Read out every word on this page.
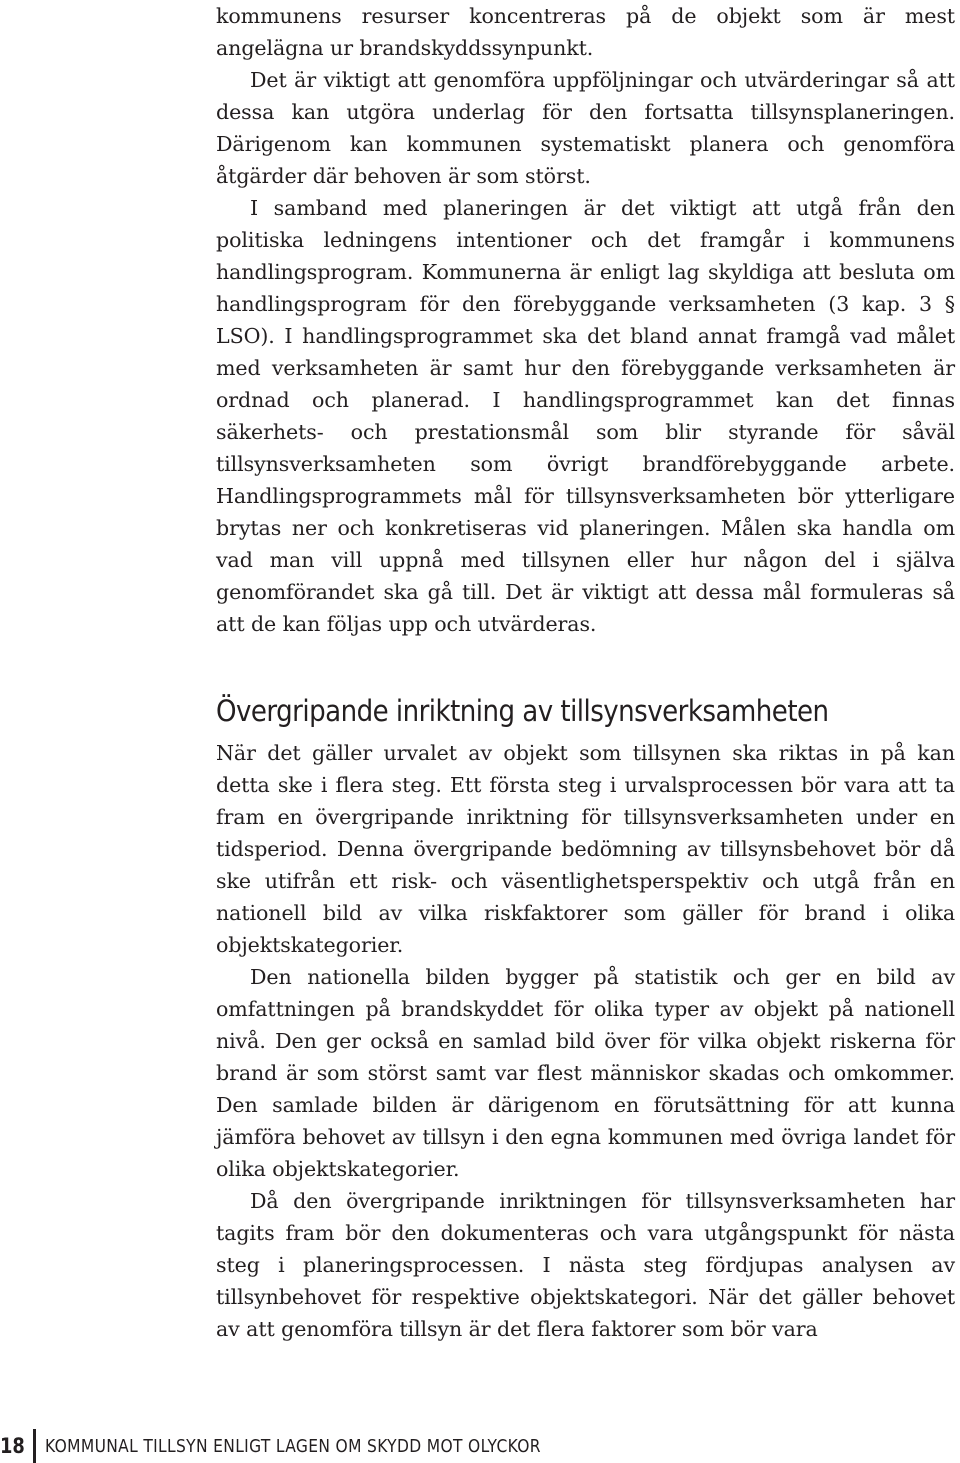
kommunens resurser koncentreras på de objekt som är mest angelägna ur brandskyddssynpunkt.

Det är viktigt att genomföra uppföljningar och utvärderingar så att dessa kan utgöra underlag för den fortsatta tillsynsplaneringen. Därigenom kan kommunen systematiskt planera och genomföra åtgärder där behoven är som störst.

I samband med planeringen är det viktigt att utgå från den politiska ledningens intentioner och det framgår i kommunens handlingsprogram. Kommunerna är enligt lag skyldiga att besluta om handlingsprogram för den förebyggande verksamheten (3 kap. 3 § LSO). I handlingsprogrammet ska det bland annat framgå vad målet med verksamheten är samt hur den förebyggande verksamheten är ordnad och planerad. I handlingsprogrammet kan det finnas säkerhets- och prestationsmål som blir styrande för såväl tillsynsverksamheten som övrigt brandförebyggande arbete. Handlingsprogrammets mål för tillsynsverksamheten bör ytterligare brytas ner och konkretiseras vid planeringen. Målen ska handla om vad man vill uppnå med tillsynen eller hur någon del i själva genomförandet ska gå till. Det är viktigt att dessa mål formuleras så att de kan följas upp och utvärderas.

Övergripande inriktning av tillsynsverksamheten

När det gäller urvalet av objekt som tillsynen ska riktas in på kan detta ske i flera steg. Ett första steg i urvalsprocessen bör vara att ta fram en övergripande inriktning för tillsynsverksamheten under en tidsperiod. Denna övergripande bedömning av tillsynsbehovet bör då ske utifrån ett risk- och väsentlighetsperspektiv och utgå från en nationell bild av vilka riskfaktorer som gäller för brand i olika objektskategorier.

Den nationella bilden bygger på statistik och ger en bild av omfattningen på brandskyddet för olika typer av objekt på nationell nivå. Den ger också en samlad bild över för vilka objekt riskerna för brand är som störst samt var flest människor skadas och omkommer. Den samlade bilden är därigenom en förutsättning för att kunna jämföra behovet av tillsyn i den egna kommunen med övriga landet för olika objektskategorier.

Då den övergripande inriktningen för tillsynsverksamheten har tagits fram bör den dokumenteras och vara utgångspunkt för nästa steg i planeringsprocessen. I nästa steg fördjupas analysen av tillsynbehovet för respektive objektskategori. När det gäller behovet av att genomföra tillsyn är det flera faktorer som bör vara

18 KOMMUNAL TILLSYN ENLIGT LAGEN OM SKYDD MOT OLYCKOR
